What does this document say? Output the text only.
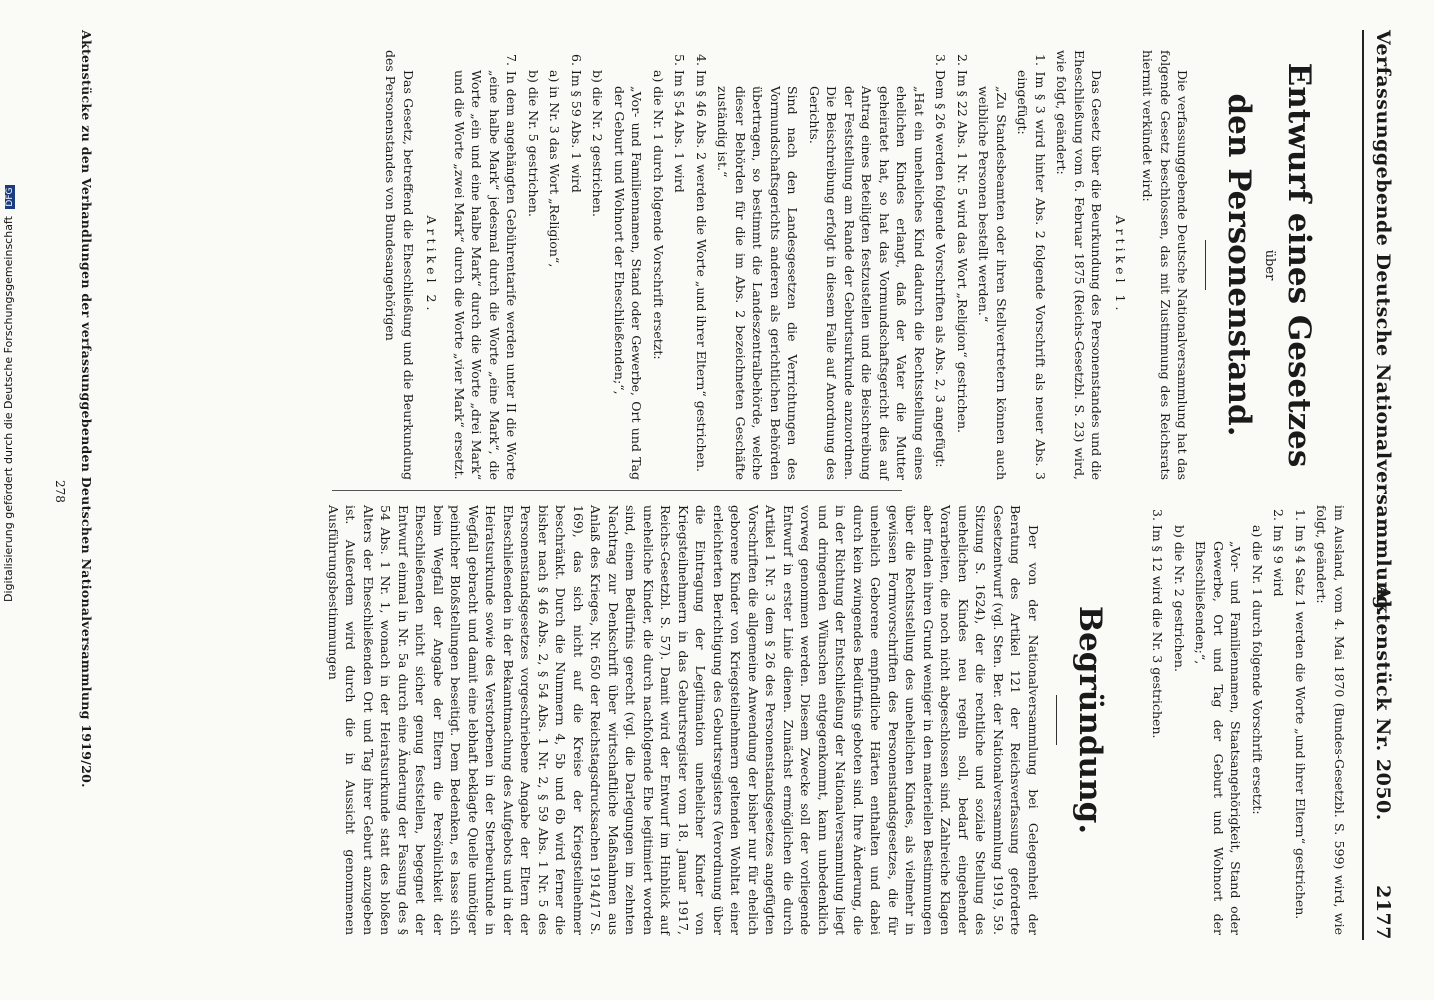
Verfassunggebende Deutsche Nationalversammlung.
Aktenstück Nr. 2050.  2177
Entwurf eines Gesetzes
über
den Personenstand.

Die verfassunggebende Deutsche Nationalversammlung hat das folgende Gesetz beschlossen, das mit Zustimmung des Reichsrats hiermit verkündet wird:

Artikel 1.

Das Gesetz über die Beurkundung des Personenstandes und die Eheschließung vom 6. Februar 1875 (Reichs-Gesetzbl. S. 23) wird, wie folgt, geändert:

1. Im § 3 wird hinter Abs. 2 folgende Vorschrift als neuer Abs. 3 eingefügt:
„Zu Standesbeamten oder ihren Stellvertretern können auch weibliche Personen bestellt werden.“
2. Im § 22 Abs. 1 Nr. 5 wird das Wort „Religion“ gestrichen.
3. Dem § 26 werden folgende Vorschriften als Abs. 2, 3 angefügt:
„Hat ein uneheliches Kind dadurch die Rechtsstellung eines ehelichen Kindes erlangt, daß der Vater die Mutter geheiratet hat, so hat das Vormundschaftsgericht dies auf Antrag eines Beteiligten festzustellen und die Beischreibung der Feststellung am Rande der Geburtsurkunde anzuordnen. Die Beischreibung erfolgt in diesem Falle auf Anordnung des Gerichts.
Sind nach den Landesgesetzen die Verrichtungen des Vormundschaftsgerichts anderen als gerichtlichen Behörden übertragen, so bestimmt die Landeszentralbehörde, welche dieser Behörden für die im Abs. 2 bezeichneten Geschäfte zuständig ist.“
4. Im § 46 Abs. 2 werden die Worte „und ihrer Eltern“ gestrichen.
5. Im § 54 Abs. 1 wird
a) die Nr. 1 durch folgende Vorschrift ersetzt:
„Vor- und Familiennamen, Stand oder Gewerbe, Ort und Tag der Geburt und Wohnort der Eheschließenden;“,
b) die Nr. 2 gestrichen.
6. Im § 59 Abs. 1 wird
a) in Nr. 3 das Wort „Religion“,
b) die Nr. 5 gestrichen.
7. In dem angehängten Gebührentarife werden unter II die Worte „eine halbe Mark“ jedesmal durch die Worte „eine Mark“, die Worte „ein und eine halbe Mark“ durch die Worte „drei Mark“ und die Worte „zwei Mark“ durch die Worte „vier Mark“ ersetzt.
Artikel 2.

Das Gesetz, betreffend die Eheschließung und die Beurkundung des Personenstandes von Bundesangehörigen

im Ausland, vom 4. Mai 1870 (Bundes-Gesetzbl. S. 599) wird, wie folgt, geändert:

1. Im § 4 Satz 1 werden die Worte „und ihrer Eltern“ gestrichen.
2. Im § 9 wird
a) die Nr. 1 durch folgende Vorschrift ersetzt:
„Vor- und Familiennamen, Staatsangehörigkeit, Stand oder Gewerbe, Ort und Tag der Geburt und Wohnort der Eheschließenden;“,
b) die Nr. 2 gestrichen.
3. Im § 12 wird die Nr. 3 gestrichen.
Begründung.

Der von der Nationalversammlung bei Gelegenheit der Beratung des Artikel 121 der Reichsverfassung geforderte Gesetzentwurf (vgl. Sten. Ber. der Nationalversammlung 1919, 59. Sitzung S. 1624), der die rechtliche und soziale Stellung des unehelichen Kindes neu regeln soll, bedarf eingehender Vorarbeiten, die noch nicht abgeschlossen sind. Zahlreiche Klagen aber finden ihren Grund weniger in den materiellen Bestimmungen über die Rechtsstellung des unehelichen Kindes, als vielmehr in gewissen Formvorschriften des Personenstandsgesetzes, die für unehelich Geborene empfindliche Härten enthalten und dabei durch kein zwingendes Bedürfnis geboten sind. Ihre Änderung, die in der Richtung der Entschließung der Nationalversammlung liegt und dringenden Wünschen entgegenkommt, kann unbedenklich vorweg genommen werden. Diesem Zwecke soll der vorliegende Entwurf in erster Linie dienen. Zunächst ermöglichen die durch Artikel 1 Nr. 3 dem § 26 des Personenstandsgesetzes angefügten Vorschriften die allgemeine Anwendung der bisher nur für ehelich geborene Kinder von Kriegsteilnehmern geltenden Wohltat einer erleichterten Berichtigung des Geburtsregisters (Verordnung über die Eintragung der Legitimation unehelicher Kinder von Kriegsteilnehmern in das Geburtsregister vom 18. Januar 1917, Reichs-Gesetzbl. S. 57). Damit wird der Entwurf im Hinblick auf uneheliche Kinder, die durch nachfolgende Ehe legitimiert worden sind, einem Bedürfnis gerecht (vgl. die Darlegungen im zehnten Nachtrag zur Denkschrift über wirtschaftliche Maßnahmen aus Anlaß des Krieges, Nr. 650 der Reichstagsdrucksachen 1914/17 S. 169), das sich nicht auf die Kreise der Kriegsteilnehmer beschränkt. Durch die Nummern 4, 5b und 6b wird ferner die bisher nach § 46 Abs. 2, § 54 Abs. 1 Nr. 2, § 59 Abs. 1 Nr. 5 des Personenstandsgesetzes vorgeschriebene Angabe der Eltern der Eheschließenden in der Bekanntmachung des Aufgebots und in der Heiratsurkunde sowie des Verstorbenen in der Sterbeurkunde in Wegfall gebracht und damit eine lebhaft beklagte Quelle unnötiger peinlicher Bloßstellungen beseitigt. Dem Bedenken, es lasse sich beim Wegfall der Angabe der Eltern die Persönlichkeit der Eheschließenden nicht sicher genug feststellen, begegnet der Entwurf einmal in Nr. 5a durch eine Änderung der Fassung des § 54 Abs. 1 Nr. 1, wonach in der Heiratsurkunde statt des bloßen Alters der Eheschließenden Ort und Tag ihrer Geburt anzugeben ist. Außerdem wird durch die in Aussicht genommenen Ausführungsbestimmungen

Aktenstücke zu den Verhandlungen der verfassunggebenden Deutschen Nationalversammlung 1919/20.
278
Digitalisierung gefördert durch die Deutsche Forschungsgemeinschaft DFG
